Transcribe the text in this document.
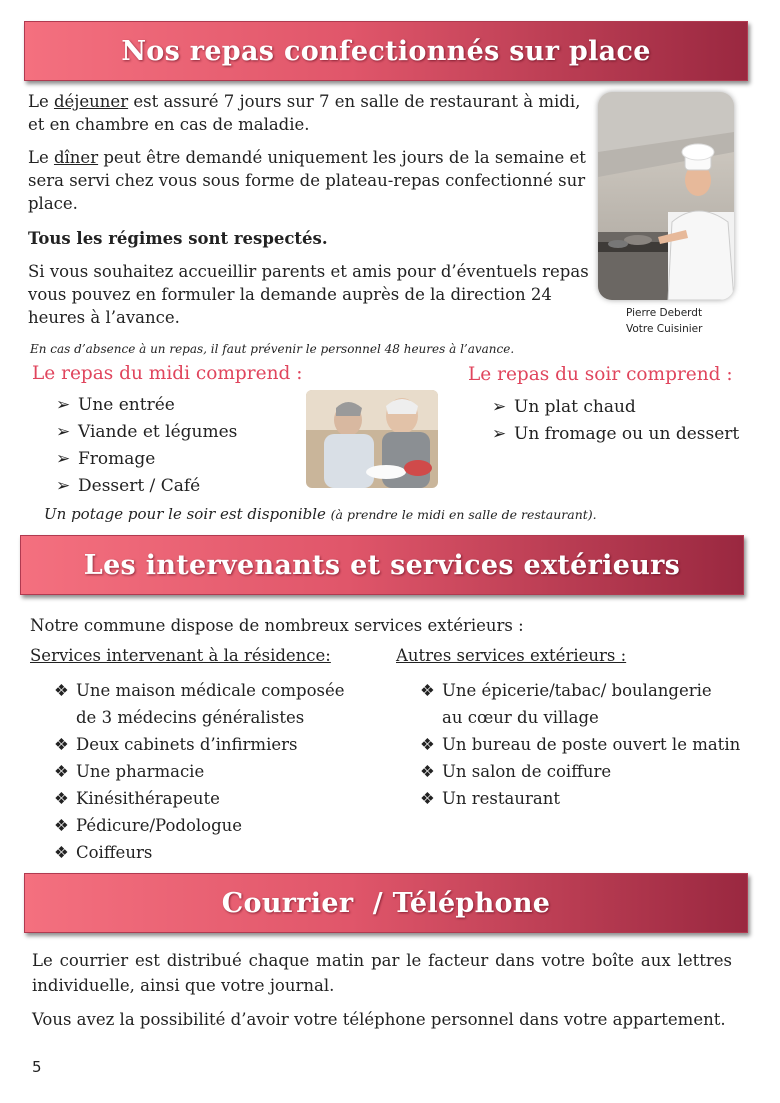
Nos repas confectionnés sur place

Le déjeuner est assuré 7 jours sur 7 en salle de restaurant à midi, et en chambre en cas de maladie.

Le dîner peut être demandé uniquement les jours de la semaine et sera servi chez vous sous forme de plateau-repas confectionné sur place.

Tous les régimes sont respectés.

Si vous souhaitez accueillir parents et amis pour d’éventuels repas vous pouvez en formuler la demande auprès de la direction 24 heures à l’avance.	Pierre Deberdt
Votre Cuisinier
En cas d’absence à un repas, il faut prévenir le personnel 48 heures à l’avance.
Le repas du midi comprend :
➢ Une entrée
➢ Viande et légumes
➢ Fromage
➢ Dessert / Café
Le repas du soir comprend :
➢ Un plat chaud
➢ Un fromage ou un dessert
Un potage pour le soir est disponible (à prendre le midi en salle de restaurant).
Les intervenants et services extérieurs
Notre commune dispose de nombreux services extérieurs :
Services intervenant à la résidence:	Autres services extérieurs :
❖ Une maison médicale composée
de 3 médecins généralistes
❖ Deux cabinets d’infirmiers
❖ Une pharmacie
❖ Kinésithérapeute
❖ Pédicure/Podologue
❖ Coiffeurs
❖ Une épicerie/tabac/ boulangerie
au cœur du village
❖ Un bureau de poste ouvert le matin
❖ Un salon de coiffure
❖ Un restaurant
Courrier  / Téléphone

Le courrier est distribué chaque matin par le facteur dans votre boîte aux lettres individuelle, ainsi que votre journal.

Vous avez la possibilité d’avoir votre téléphone personnel dans votre appartement.

5
